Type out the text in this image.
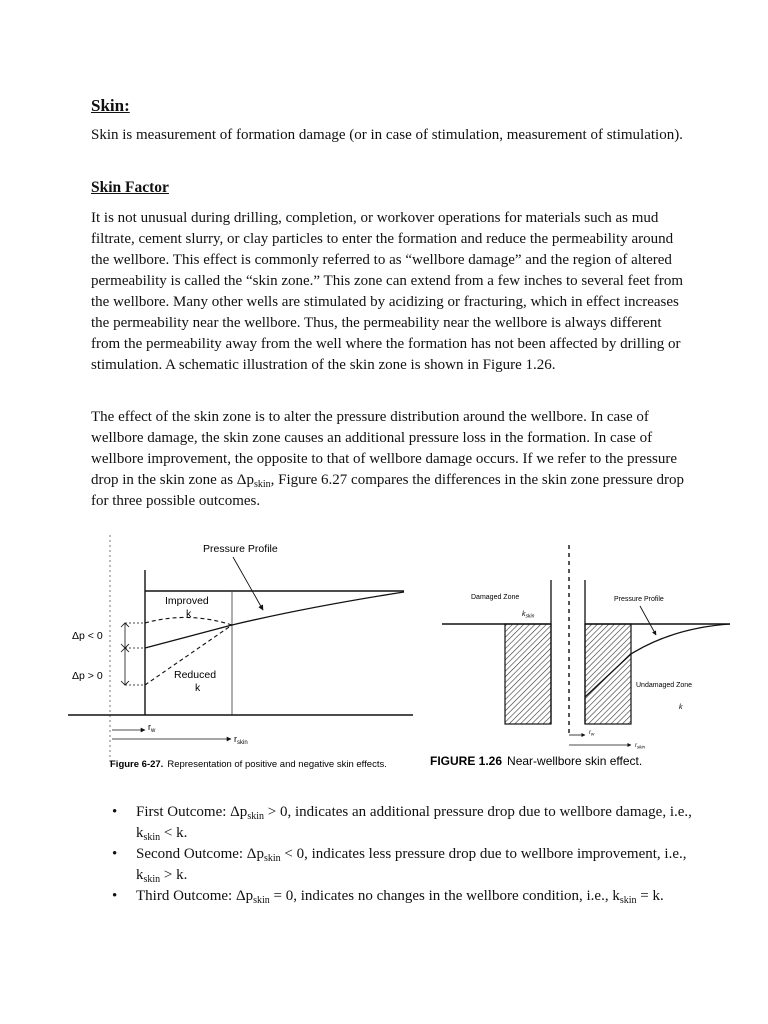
Skin:

Skin is measurement of formation damage (or in case of stimulation, measurement of stimulation).

Skin Factor

It is not unusual during drilling, completion, or workover operations for materials such as mud filtrate, cement slurry, or clay particles to enter the formation and reduce the permeability around the wellbore. This effect is commonly referred to as “wellbore damage” and the region of altered permeability is called the “skin zone.” This zone can extend from a few inches to several feet from the wellbore. Many other wells are stimulated by acidizing or fracturing, which in effect increases the permeability near the wellbore. Thus, the permeability near the wellbore is always different from the permeability away from the well where the formation has not been affected by drilling or stimulation. A schematic illustration of the skin zone is shown in Figure 1.26.

The effect of the skin zone is to alter the pressure distribution around the wellbore. In case of wellbore damage, the skin zone causes an additional pressure loss in the formation. In case of wellbore improvement, the opposite to that of wellbore damage occurs. If we refer to the pressure drop in the skin zone as $\Delta p_{skin}$, Figure 6.27 compares the differences in the skin zone pressure drop for three possible outcomes.

Pressure Profile
Improved
k
Reduced
k
Δp < 0
Δp > 0
$r_w$
$r_{skin}$
Figure 6-27. Representation of positive and negative skin effects.
Damaged Zone
$k_{skin}$
Pressure Profile
Undamaged Zone
k
$r_w$
$r_{skin}$
FIGURE 1.26 Near-wellbore skin effect.
• First Outcome: $\Delta p_{skin} > 0$, indicates an additional pressure drop due to wellbore damage, i.e., $k_{skin} < k$.
• Second Outcome: $\Delta p_{skin} < 0$, indicates less pressure drop due to wellbore improvement, i.e., $k_{skin} > k$.
• Third Outcome: $\Delta p_{skin} = 0$, indicates no changes in the wellbore condition, i.e., $k_{skin} = k$.
